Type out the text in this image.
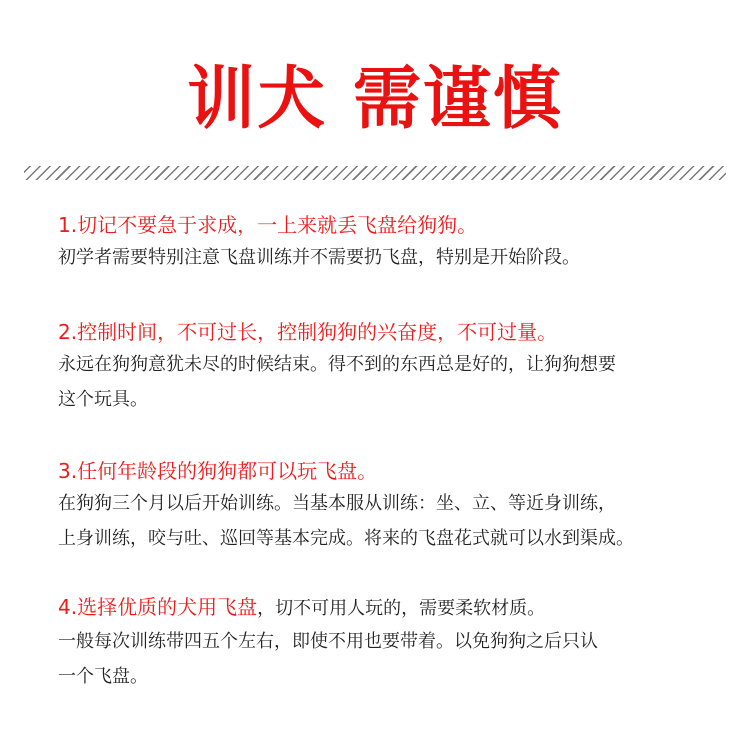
训犬 需谨慎

1.切记不要急于求成，一上来就丢飞盘给狗狗。

初学者需要特别注意飞盘训练并不需要扔飞盘，特别是开始阶段。

2.控制时间，不可过长，控制狗狗的兴奋度，不可过量。

永远在狗狗意犹未尽的时候结束。得不到的东西总是好的，让狗狗想要

这个玩具。

3.任何年龄段的狗狗都可以玩飞盘。

在狗狗三个月以后开始训练。当基本服从训练：坐、立、等近身训练，

上身训练，咬与吐、巡回等基本完成。将来的飞盘花式就可以水到渠成。

4.选择优质的犬用飞盘，切不可用人玩的，需要柔软材质。

一般每次训练带四五个左右，即使不用也要带着。以免狗狗之后只认

一个飞盘。
